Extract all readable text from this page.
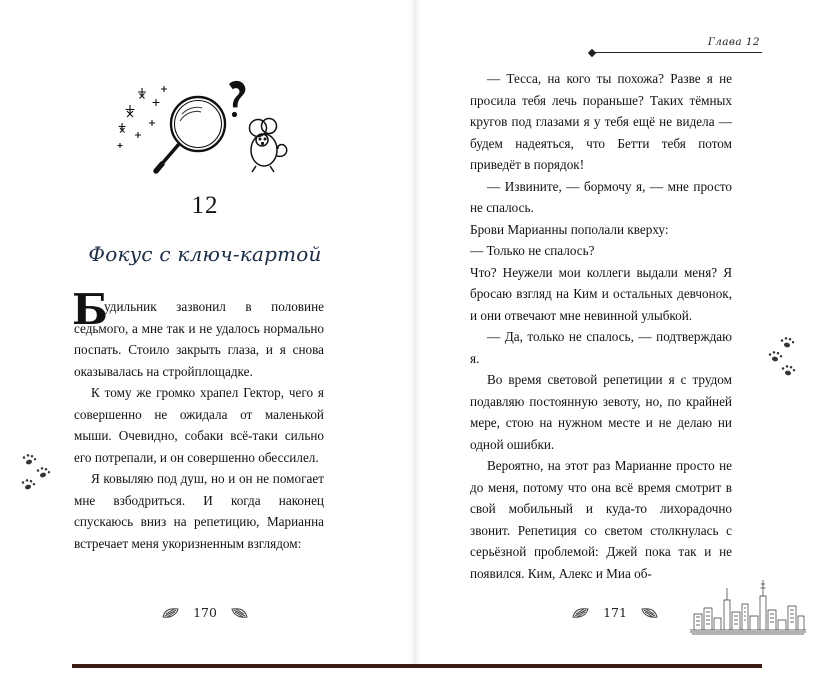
12
Фокус с ключ-картой
Б

удильник зазвонил в половине седьмого, а мне так и не удалось нормально поспать. Стоило закрыть глаза, и я снова оказывалась на стройплощадке.

К тому же громко храпел Гектор, чего я совершенно не ожидала от маленькой мыши. Очевидно, собаки всё-таки сильно его потрепали, и он совершенно обессилел.

Я ковыляю под душ, но и он не помогает мне взбодриться. И когда наконец спускаюсь вниз на репетицию, Марианна встречает меня укоризненным взглядом:

170
Глава 12

— Тесса, на кого ты похожа? Разве я не просила тебя лечь пораньше? Таких тёмных кругов под глазами я у тебя ещё не видела — будем надеяться, что Бетти тебя потом приведёт в порядок!

— Извините, — бормочу я, — мне просто не спалось.

Брови Марианны пополали кверху:

— Только не спалось?

Что? Неужели мои коллеги выдали меня? Я бросаю взгляд на Ким и остальных девчонок, и они отвечают мне невинной улыбкой.

— Да, только не спалось, — подтверждаю я.

Во время световой репетиции я с трудом подавляю постоянную зевоту, но, по крайней мере, стою на нужном месте и не делаю ни одной ошибки.

Вероятно, на этот раз Марианне просто не до меня, потому что она всё время смотрит в свой мобильный и куда-то лихорадочно звонит. Репетиция со светом столкнулась с серьёзной проблемой: Джей пока так и не появился. Ким, Алекс и Миа об-

171
